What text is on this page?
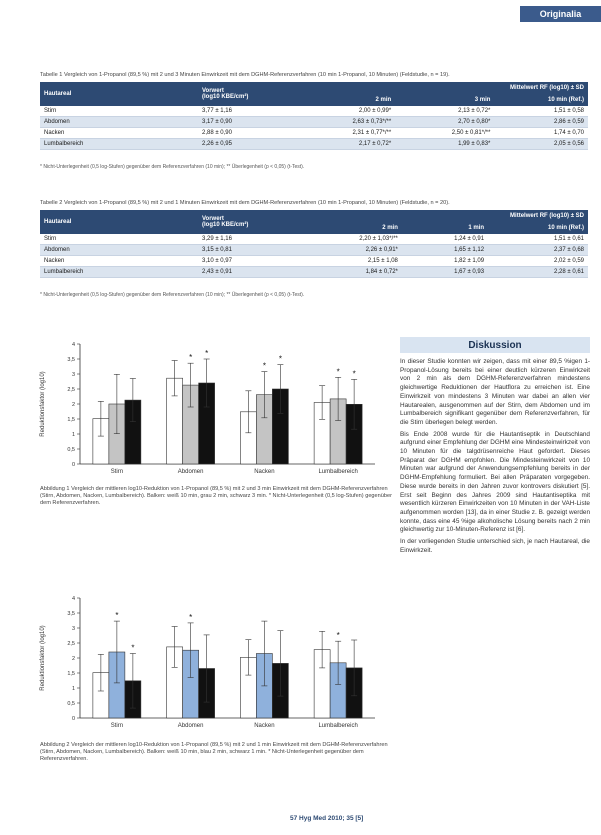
Originalia
Tabelle 1 Vergleich von 1-Propanol (89,5 %) mit 2 und 3 Minuten Einwirkzeit mit dem DGHM-Referenzverfahren (10 min 1-Propanol, 10 Minuten) (Feldstudie, n = 19).
Hautareal	Vorwert
(log10 KBE/cm²)	Mittelwert RF (log10) ± SD		
		2 min	3 min	10 min (Ref.)
Stirn	3,77 ± 1,16	2,00 ± 0,99*	2,13 ± 0,72*	1,51 ± 0,58
Abdomen	3,17 ± 0,90	2,63 ± 0,73*/**	2,70 ± 0,80*	2,86 ± 0,59
Nacken	2,88 ± 0,90	2,31 ± 0,77*/**	2,50 ± 0,81*/**	1,74 ± 0,70
Lumbalbereich	2,26 ± 0,95	2,17 ± 0,72*	1,99 ± 0,83*	2,05 ± 0,56
* Nicht-Unterlegenheit (0,5 log-Stufen) gegenüber dem Referenzverfahren (10 min); ** Überlegenheit (p < 0,05) (t-Test).
Tabelle 2 Vergleich von 1-Propanol (89,5 %) mit 2 und 1 Minuten Einwirkzeit mit dem DGHM-Referenzverfahren (10 min 1-Propanol, 10 Minuten) (Feldstudie, n = 20).
Hautareal	Vorwert
(log10 KBE/cm²)	Mittelwert RF (log10) ± SD		
		2 min	1 min	10 min (Ref.)
Stirn	3,29 ± 1,16	2,20 ± 1,03*/**	1,24 ± 0,91	1,51 ± 0,61
Abdomen	3,15 ± 0,81	2,26 ± 0,91*	1,65 ± 1,12	2,37 ± 0,68
Nacken	3,10 ± 0,97	2,15 ± 1,08	1,82 ± 1,09	2,02 ± 0,59
Lumbalbereich	2,43 ± 0,91	1,84 ± 0,72*	1,67 ± 0,93	2,28 ± 0,61
* Nicht-Unterlegenheit (0,5 log-Stufen) gegenüber dem Referenzverfahren (10 min); ** Überlegenheit (p < 0,05) (t-Test).
0
0,5
1
1,5
2
2,5
3
3,5
4
Reduktionsfaktor (log10)
Stirn	Abdomen	Nacken	Lumbalbereich
* *
*
*
* *
Abbildung 1 Vergleich der mittleren log10-Reduktion von 1-Propanol (89,5 %) mit 2 und 3 min Einwirkzeit mit dem DGHM-Referenzverfahren (Stirn, Abdomen, Nacken, Lumbalbereich). Balken: weiß 10 min, grau 2 min, schwarz 3 min. * Nicht-Unterlegenheit (0,5 log-Stufen) gegenüber dem Referenzverfahren.
0
0,5
1
1,5
2
2,5
3
3,5
4
Reduktionsfaktor (log10)
Stirn	Abdomen	Nacken	Lumbalbereich
*
*
*
*
Abbildung 2 Vergleich der mittleren log10-Reduktion von 1-Propanol (89,5 %) mit 2 und 1 min Einwirkzeit mit dem DGHM-Referenzverfahren (Stirn, Abdomen, Nacken, Lumbalbereich). Balken: weiß 10 min, blau 2 min, schwarz 1 min. * Nicht-Unterlegenheit gegenüber dem Referenzverfahren.
Diskussion
In dieser Studie konnten wir zeigen, dass mit einer 89,5 %igen 1-Propanol-Lösung bereits bei einer deutlich kürzeren Einwirkzeit von 2 min als dem DGHM-Referenzverfahren mindestens gleichwertige Reduktionen der Hautflora zu erreichen ist. Eine Einwirkzeit von mindestens 3 Minuten war dabei an allen vier Hautarealen, ausgenommen auf der Stirn, dem Abdomen und im Lumbalbereich signifikant gegenüber dem Referenzverfahren, für die Stirn überlegen belegt werden.
Bis Ende 2008 wurde für die Hautantiseptik in Deutschland aufgrund einer Empfehlung der DGHM eine Mindesteinwirkzeit von 10 Minuten für die talgdrüsenreiche Haut gefordert. Dieses Präparat der DGHM empfohlen. Die Mindesteinwirkzeit von 10 Minuten war aufgrund der Anwendungsempfehlung bereits in der DGHM-Empfehlung formuliert. Bei allen Präparaten vorgegeben. Diese wurde bereits in den Jahren zuvor kontrovers diskutiert [5]. Erst seit Beginn des Jahres 2009 sind Hautantiseptika mit wesentlich kürzeren Einwirkzeiten von 10 Minuten in der VAH-Liste aufgenommen worden [13], da in einer Studie z. B. gezeigt werden konnte, dass eine 45 %ige alkoholische Lösung bereits nach 2 min gleichwertig zur 10-Minuten-Referenz ist [6].
In der vorliegenden Studie unterschied sich, je nach Hautareal, die Einwirkzeit.
57 Hyg Med 2010; 35 [5]
